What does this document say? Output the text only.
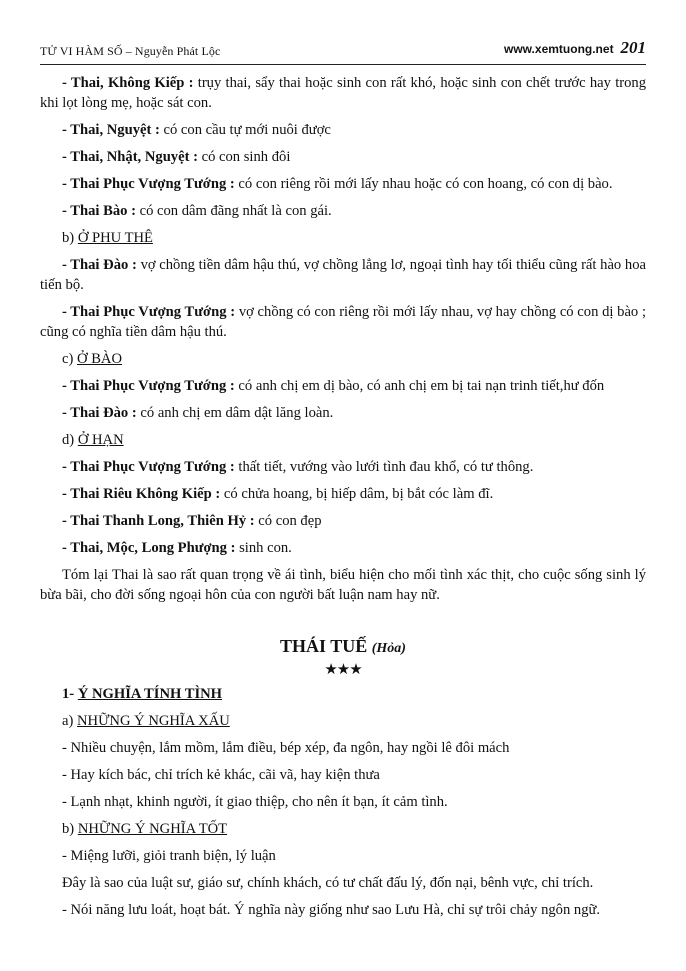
TỬ VI HÀM SỐ – Nguyễn Phát Lộc	www.xemtuong.net 201

- Thai, Không Kiếp : trụy thai, sẩy thai hoặc sinh con rất khó, hoặc sinh con chết trước hay trong khi lọt lòng mẹ, hoặc sát con.

- Thai, Nguyệt : có con cầu tự mới nuôi được

- Thai, Nhật, Nguyệt : có con sinh đôi

- Thai Phục Vượng Tướng : có con riêng rồi mới lấy nhau hoặc có con hoang, có con dị bào.

- Thai Bào : có con dâm đãng nhất là con gái.

b) Ở PHU THÊ

- Thai Đào : vợ chồng tiền dâm hậu thú, vợ chồng lẳng lơ, ngoại tình hay tối thiểu cũng rất hào hoa tiến bộ.

- Thai Phục Vượng Tướng : vợ chồng có con riêng rồi mới lấy nhau, vợ hay chồng có con dị bào ; cũng có nghĩa tiền dâm hậu thú.

c) Ở BÀO

- Thai Phục Vượng Tướng : có anh chị em dị bào, có anh chị em bị tai nạn trinh tiết,hư đốn

- Thai Đào : có anh chị em dâm dật lăng loàn.

d) Ở HẠN

- Thai Phục Vượng Tướng : thất tiết, vướng vào lưới tình đau khổ, có tư thông.

- Thai Riêu Không Kiếp : có chửa hoang, bị hiếp dâm, bị bắt cóc làm đĩ.

- Thai Thanh Long, Thiên Hỷ : có con đẹp

- Thai, Mộc, Long Phượng : sinh con.

Tóm lại Thai là sao rất quan trọng về ái tình, biểu hiện cho mối tình xác thịt, cho cuộc sống sinh lý bừa bãi, cho đời sống ngoại hôn của con người bất luận nam hay nữ.

THÁI TUẾ (Hỏa)
★★★

1- Ý NGHĨA TÍNH TÌNH

a) NHỮNG Ý NGHĨA XẤU

- Nhiều chuyện, lắm mồm, lắm điều, bép xép, đa ngôn, hay ngồi lê đôi mách

- Hay kích bác, chỉ trích kẻ khác, cãi vã, hay kiện thưa

- Lạnh nhạt, khinh người, ít giao thiệp, cho nên ít bạn, ít cảm tình.

b) NHỮNG Ý NGHĨA TỐT

- Miệng lưỡi, giỏi tranh biện, lý luận

Đây là sao của luật sư, giáo sư, chính khách, có tư chất đấu lý, đốn nại, bênh vực, chỉ trích.

- Nói năng lưu loát, hoạt bát. Ý nghĩa này giống như sao Lưu Hà, chỉ sự trôi chảy ngôn ngữ.
